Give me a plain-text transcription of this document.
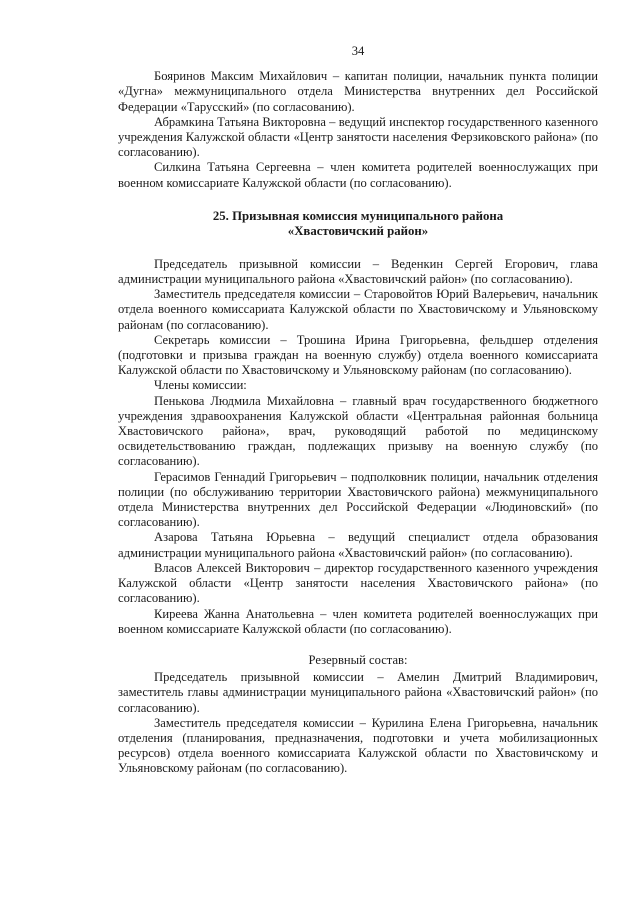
34

Бояринов Максим Михайлович – капитан полиции, начальник пункта полиции «Дугна» межмуниципального отдела Министерства внутренних дел Российской Федерации «Тарусский» (по согласованию).

Абрамкина Татьяна Викторовна – ведущий инспектор государственного казенного учреждения Калужской области «Центр занятости населения Ферзиковского района» (по согласованию).

Силкина Татьяна Сергеевна – член комитета родителей военнослужащих при военном комиссариате Калужской области (по согласованию).

25. Призывная комиссия муниципального района
«Хвастовичский район»

Председатель призывной комиссии – Веденкин Сергей Егорович, глава администрации муниципального района «Хвастовичский район» (по согласованию).

Заместитель председателя комиссии – Старовойтов Юрий Валерьевич, начальник отдела военного комиссариата Калужской области по Хвастовичскому и Ульяновскому районам (по согласованию).

Секретарь комиссии – Трошина Ирина Григорьевна, фельдшер отделения (подготовки и призыва граждан на военную службу) отдела военного комиссариата Калужской области по Хвастовичскому и Ульяновскому районам (по согласованию).

Члены комиссии:

Пенькова Людмила Михайловна – главный врач государственного бюджетного учреждения здравоохранения Калужской области «Центральная районная больница Хвастовичского района», врач, руководящий работой по медицинскому освидетельствованию граждан, подлежащих призыву на военную службу (по согласованию).

Герасимов Геннадий Григорьевич – подполковник полиции, начальник отделения полиции (по обслуживанию территории Хвастовичского района) межмуниципального отдела Министерства внутренних дел Российской Федерации «Людиновский» (по согласованию).

Азарова Татьяна Юрьевна – ведущий специалист отдела образования администрации муниципального района «Хвастовичский район» (по согласованию).

Власов Алексей Викторович – директор государственного казенного учреждения Калужской области «Центр занятости населения Хвастовичского района» (по согласованию).

Киреева Жанна Анатольевна – член комитета родителей военнослужащих при военном комиссариате Калужской области (по согласованию).

Резервный состав:

Председатель призывной комиссии – Амелин Дмитрий Владимирович, заместитель главы администрации муниципального района «Хвастовичский район» (по согласованию).

Заместитель председателя комиссии – Курилина Елена Григорьевна, начальник отделения (планирования, предназначения, подготовки и учета мобилизационных ресурсов) отдела военного комиссариата Калужской области по Хвастовичскому и Ульяновскому районам (по согласованию).
